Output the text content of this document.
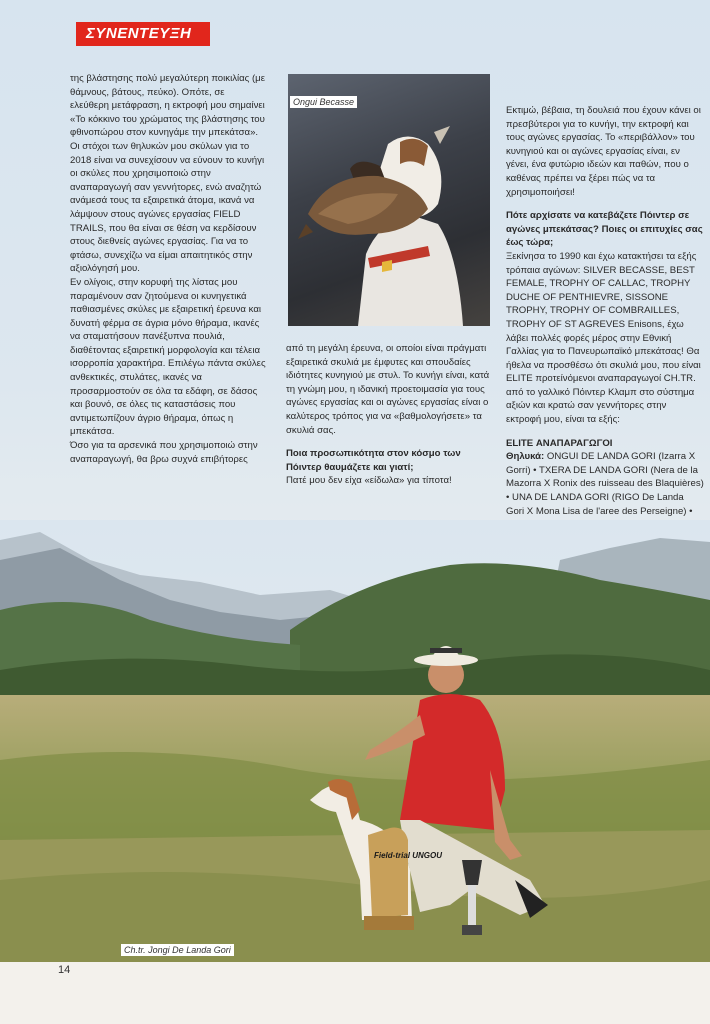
ΣΥΝΕΝΤΕΥΞΗ

της βλάστησης πολύ μεγαλύτερη ποικιλίας (με θάμνους, βάτους, πεύκο). Οπότε, σε ελεύθερη μετάφραση, η εκτροφή μου σημαίνει «Το κόκκινο του χρώματος της βλάστησης του φθινοπώρου στον κυνηγάμε την μπεκάτσα».

Οι στόχοι των θηλυκών μου σκύλων για το 2018 είναι να συνεχίσουν να εύνουν το κυνήγι οι σκύλες που χρησιμοποιώ στην αναπαραγωγή σαν γεννήτορες, ενώ αναζητώ ανάμεσά τους τα εξαιρετικά άτομα, ικανά να λάμψουν στους αγώνες εργασίας FIELD TRAILS, που θα είναι σε θέση να κερδίσουν στους διεθνείς αγώνες εργασίας. Για να το φτάσω, συνεχίζω να είμαι απαιτητικός στην αξιολόγησή μου.

Εν ολίγοις, στην κορυφή της λίστας μου παραμένουν σαν ζητούμενα οι κυνηγετικά παθιασμένες σκύλες με εξαιρετική έρευνα και δυνατή φέρμα σε άγρια μόνο θήραμα, ικανές να σταματήσουν πανέξυπνα πουλιά, διαθέτοντας εξαιρετική μορφολογία και τέλεια ισορροπία χαρακτήρα. Επιλέγω πάντα σκύλες ανθεκτικές, στυλάτες, ικανές να προσαρμοστούν σε όλα τα εδάφη, σε δάσος και βουνό, σε όλες τις καταστάσεις που αντιμετωπίζουν άγριο θήραμα, όπως η μπεκάτσα.

Όσο για τα αρσενικά που χρησιμοποιώ στην αναπαραγωγή, θα βρω συχνά επιβήτορες

Ongui Becasse

από τη μεγάλη έρευνα, οι οποίοι είναι πράγματι εξαιρετικά σκυλιά με έμφυτες και σπουδαίες ιδιότητες κυνηγιού με στυλ. Το κυνήγι είναι, κατά τη γνώμη μου, η ιδανική προετοιμασία για τους αγώνες εργασίας και οι αγώνες εργασίας είναι ο καλύτερος τρόπος για να «βαθμολογήσετε» τα σκυλιά σας.

Ποια προσωπικότητα στον κόσμο των Πόιντερ θαυμάζετε και γιατί;

Πατέ μου δεν είχα «είδωλα» για τίποτα!

Εκτιμώ, βέβαια, τη δουλειά που έχουν κάνει οι πρεσβύτεροι για το κυνήγι, την εκτροφή και τους αγώνες εργασίας. Το «περιβάλλον» του κυνηγιού και οι αγώνες εργασίας είναι, εν γένει, ένα φυτώριο ιδεών και παθών, που ο καθένας πρέπει να ξέρει πώς να τα χρησιμοποιήσει!

Πότε αρχίσατε να κατεβάζετε Πόιντερ σε αγώνες μπεκάτσας? Ποιες οι επιτυχίες σας έως τώρα;

Ξεκίνησα το 1990 και έχω κατακτήσει τα εξής τρόπαια αγώνων: SILVER BECASSE, BEST FEMALE, TROPHY OF CALLAC, TROPHY DUCHE OF PENTHIEVRE, SISSONE TROPHY, TROPHY OF COMBRAILLES, TROPHY OF ST AGREVES Enisons, έχω λάβει πολλές φορές μέρος στην Εθνική Γαλλίας για το Πανευρωπαϊκό μπεκάτσας! Θα ήθελα να προσθέσω ότι σκυλιά μου, που είναι ELITE προτείνόμενοι αναπαραγωγοί CH.TR. από το γαλλικό Πόιντερ Κλαμπ στο σύστημα αξιών και κρατώ σαν γεννήτορες στην εκτροφή μου, είναι τα εξής:

ELITE ΑΝΑΠΑΡΑΓΩΓΟΙ

Θηλυκά: ONGUI DE LANDA GORI (Izarra X Gorri) • TXERA DE LANDA GORI (Nera de la Mazorra X Ronix des ruisseau des Blaquières) • UNA DE LANDA GORI (RIGO De Landa Gori X Mona Lisa de l'aree des Perseigne) •

Field-trial UNGOU
Ch.tr. Jongi De Landa Gori
14
